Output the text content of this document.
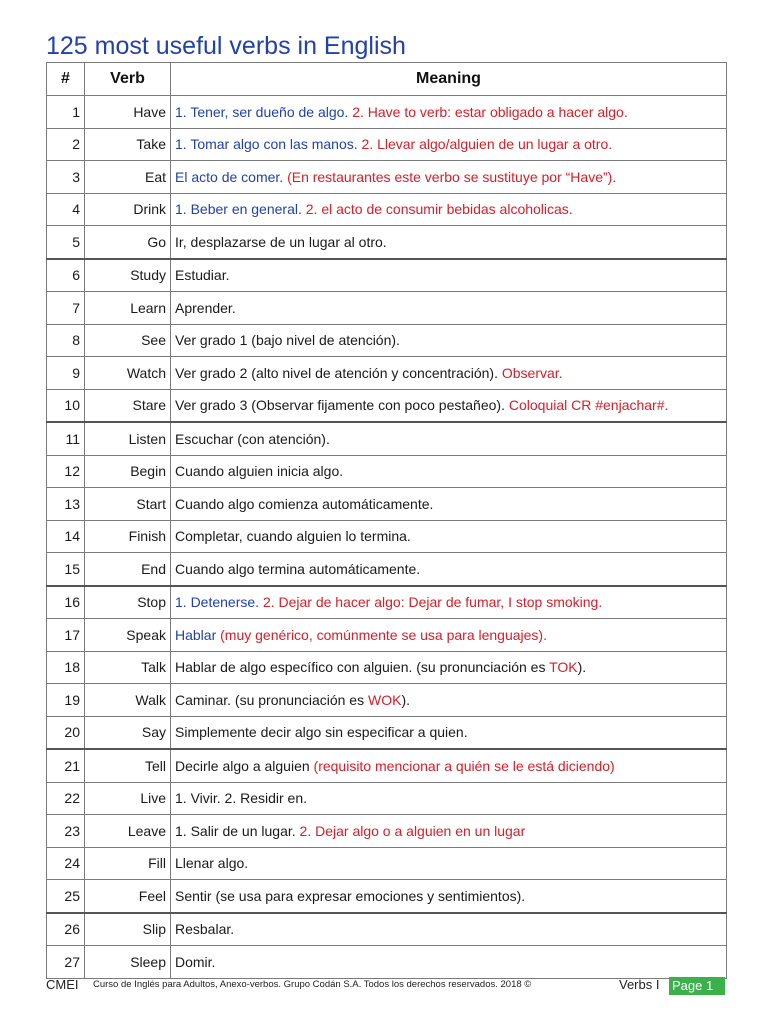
125 most useful verbs in English
#	Verb	Meaning
1	Have	1. Tener, ser dueño de algo. 2. Have to verb: estar obligado a hacer algo.
2	Take	1. Tomar algo con las manos. 2. Llevar algo/alguien de un lugar a otro.
3	Eat	El acto de comer. (En restaurantes este verbo se sustituye por “Have”).
4	Drink	1. Beber en general. 2. el acto de consumir bebidas alcoholicas.
5	Go	Ir, desplazarse de un lugar al otro.
6	Study	Estudiar.
7	Learn	Aprender.
8	See	Ver grado 1 (bajo nivel de atención).
9	Watch	Ver grado 2 (alto nivel de atención y concentración). Observar.
10	Stare	Ver grado 3 (Observar fijamente con poco pestañeo). Coloquial CR #enjachar#.
11	Listen	Escuchar (con atención).
12	Begin	Cuando alguien inicia algo.
13	Start	Cuando algo comienza automáticamente.
14	Finish	Completar, cuando alguien lo termina.
15	End	Cuando algo termina automáticamente.
16	Stop	1. Detenerse. 2. Dejar de hacer algo: Dejar de fumar, I stop smoking.
17	Speak	Hablar (muy genérico, comúnmente se usa para lenguajes).
18	Talk	Hablar de algo específico con alguien. (su pronunciación es TOK).
19	Walk	Caminar. (su pronunciación es WOK).
20	Say	Simplemente decir algo sin especificar a quien.
21	Tell	Decirle algo a alguien (requisito mencionar a quién se le está diciendo)
22	Live	1. Vivir. 2. Residir en.
23	Leave	1. Salir de un lugar. 2. Dejar algo o a alguien en un lugar
24	Fill	Llenar algo.
25	Feel	Sentir (se usa para expresar emociones y sentimientos).
26	Slip	Resbalar.
27	Sleep	Domir.
CMEI Curso de Inglés para Adultos, Anexo-verbos. Grupo Codán S.A. Todos los derechos reservados. 2018 ©	Verbs I Page 1
